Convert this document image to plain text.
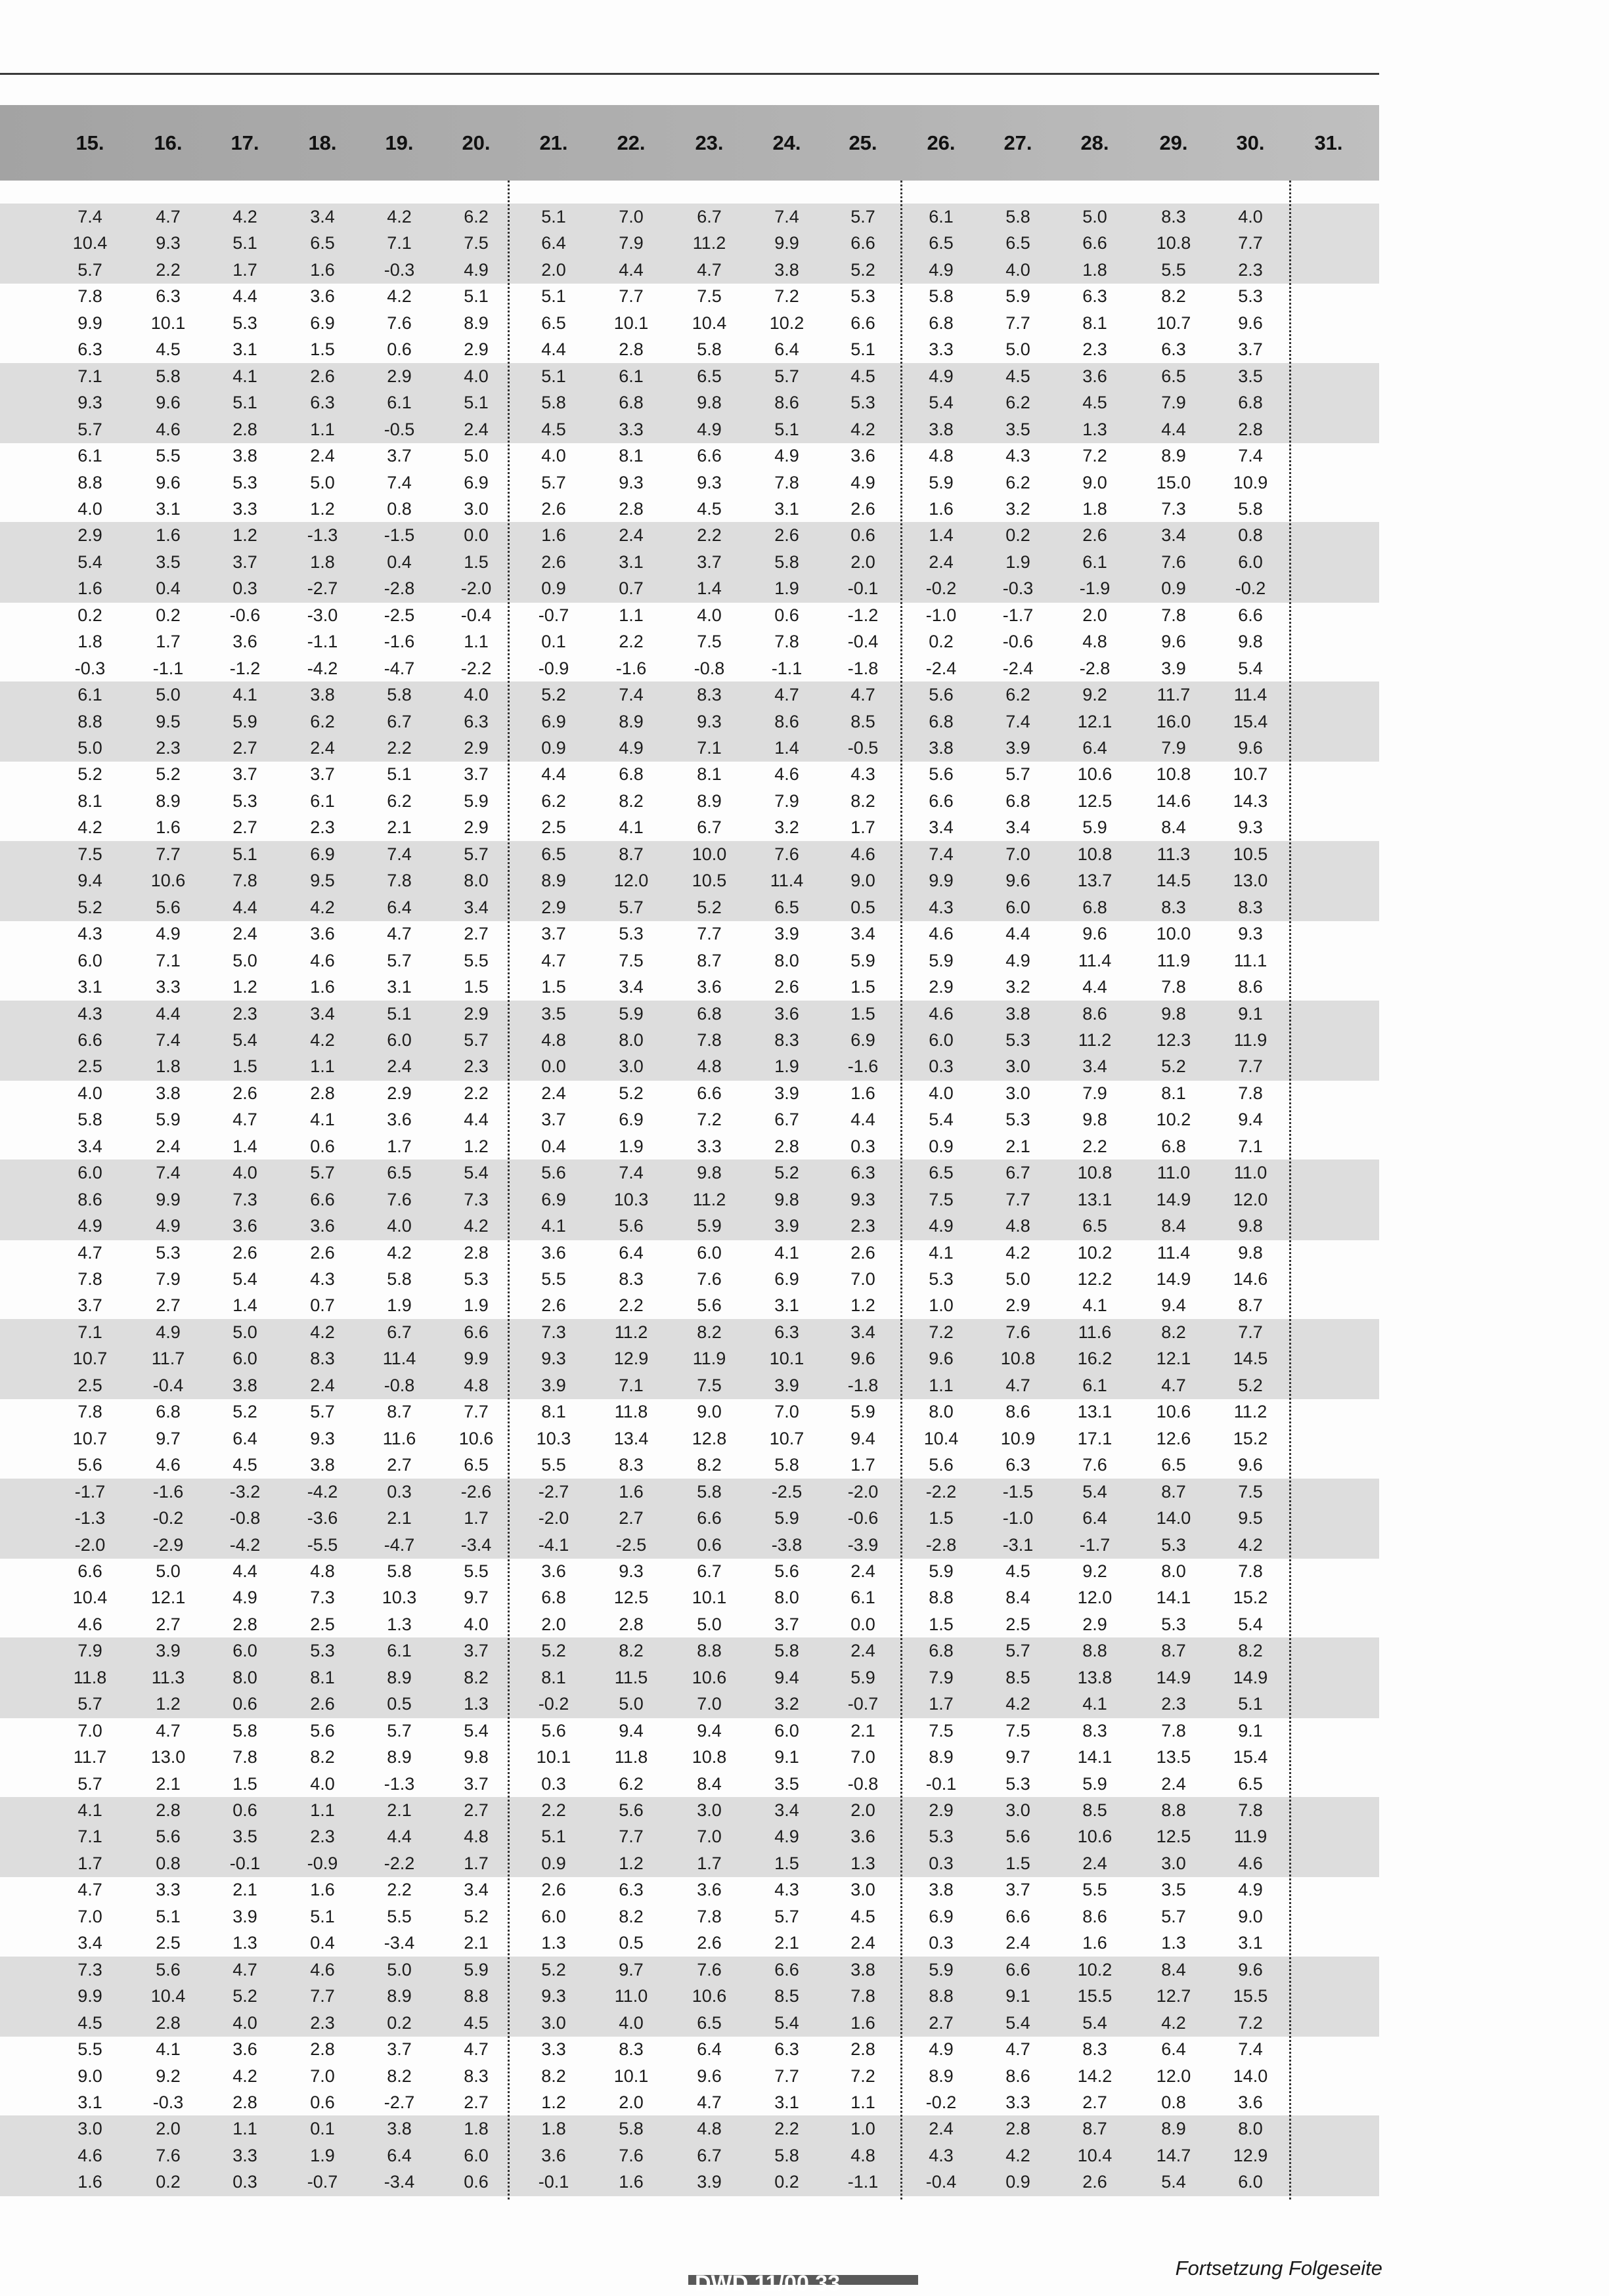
15. 16. 17. 18. 19. 20. 21. 22. 23. 24. 25. 26. 27. 28. 29. 30. 31.
7.4	4.7	4.2	3.4	4.2	6.2	5.1	7.0	6.7	7.4	5.7	6.1	5.8	5.0	8.3	4.0
10.4	9.3	5.1	6.5	7.1	7.5	6.4	7.9	11.2	9.9	6.6	6.5	6.5	6.6	10.8	7.7
5.7	2.2	1.7	1.6	-0.3	4.9	2.0	4.4	4.7	3.8	5.2	4.9	4.0	1.8	5.5	2.3
7.8	6.3	4.4	3.6	4.2	5.1	5.1	7.7	7.5	7.2	5.3	5.8	5.9	6.3	8.2	5.3
9.9	10.1	5.3	6.9	7.6	8.9	6.5	10.1 10.4 10.2	6.6	6.8	7.7	8.1	10.7	9.6
6.3	4.5	3.1	1.5	0.6	2.9	4.4	2.8	5.8	6.4	5.1	3.3	5.0	2.3	6.3	3.7
7.1	5.8	4.1	2.6	2.9	4.0	5.1	6.1	6.5	5.7	4.5	4.9	4.5	3.6	6.5	3.5
9.3	9.6	5.1	6.3	6.1	5.1	5.8	6.8	9.8	8.6	5.3	5.4	6.2	4.5	7.9	6.8
5.7	4.6	2.8	1.1	-0.5	2.4	4.5	3.3	4.9	5.1	4.2	3.8	3.5	1.3	4.4	2.8
6.1	5.5	3.8	2.4	3.7	5.0	4.0	8.1	6.6	4.9	3.6	4.8	4.3	7.2	8.9	7.4
8.8	9.6	5.3	5.0	7.4	6.9	5.7	9.3	9.3	7.8	4.9	5.9	6.2	9.0	15.0 10.9
4.0	3.1	3.3	1.2	0.8	3.0	2.6	2.8	4.5	3.1	2.6	1.6	3.2	1.8	7.3	5.8
2.9	1.6	1.2	-1.3	-1.5	0.0	1.6	2.4	2.2	2.6	0.6	1.4	0.2	2.6	3.4	0.8
5.4	3.5	3.7	1.8	0.4	1.5	2.6	3.1	3.7	5.8	2.0	2.4	1.9	6.1	7.6	6.0
1.6	0.4	0.3	-2.7	-2.8	-2.0	0.9	0.7	1.4	1.9	-0.1	-0.2	-0.3	-1.9	0.9	-0.2
0.2	0.2	-0.6	-3.0	-2.5	-0.4	-0.7	1.1	4.0	0.6	-1.2	-1.0	-1.7	2.0	7.8	6.6
1.8	1.7	3.6	-1.1	-1.6	1.1	0.1	2.2	7.5	7.8	-0.4	0.2	-0.6	4.8	9.6	9.8
-0.3	-1.1	-1.2	-4.2	-4.7	-2.2	-0.9	-1.6	-0.8	-1.1	-1.8	-2.4	-2.4	-2.8	3.9	5.4
6.1	5.0	4.1	3.8	5.8	4.0	5.2	7.4	8.3	4.7	4.7	5.6	6.2	9.2	11.7 11.4
8.8	9.5	5.9	6.2	6.7	6.3	6.9	8.9	9.3	8.6	8.5	6.8	7.4	12.1 16.0 15.4
5.0	2.3	2.7	2.4	2.2	2.9	0.9	4.9	7.1	1.4	-0.5	3.8	3.9	6.4	7.9	9.6
5.2	5.2	3.7	3.7	5.1	3.7	4.4	6.8	8.1	4.6	4.3	5.6	5.7	10.6 10.8 10.7
8.1	8.9	5.3	6.1	6.2	5.9	6.2	8.2	8.9	7.9	8.2	6.6	6.8	12.5 14.6 14.3
4.2	1.6	2.7	2.3	2.1	2.9	2.5	4.1	6.7	3.2	1.7	3.4	3.4	5.9	8.4	9.3
7.5	7.7	5.1	6.9	7.4	5.7	6.5	8.7	10.0	7.6	4.6	7.4	7.0	10.8	11.3 10.5
9.4	10.6	7.8	9.5	7.8	8.0	8.9	12.0 10.5 11.4	9.0	9.9	9.6	13.7 14.5 13.0
5.2	5.6	4.4	4.2	6.4	3.4	2.9	5.7	5.2	6.5	0.5	4.3	6.0	6.8	8.3	8.3
4.3	4.9	2.4	3.6	4.7	2.7	3.7	5.3	7.7	3.9	3.4	4.6	4.4	9.6	10.0	9.3
6.0	7.1	5.0	4.6	5.7	5.5	4.7	7.5	8.7	8.0	5.9	5.9	4.9	11.4	11.9 11.1
3.1	3.3	1.2	1.6	3.1	1.5	1.5	3.4	3.6	2.6	1.5	2.9	3.2	4.4	7.8	8.6
4.3	4.4	2.3	3.4	5.1	2.9	3.5	5.9	6.8	3.6	1.5	4.6	3.8	8.6	9.8	9.1
6.6	7.4	5.4	4.2	6.0	5.7	4.8	8.0	7.8	8.3	6.9	6.0	5.3	11.2	12.3 11.9
2.5	1.8	1.5	1.1	2.4	2.3	0.0	3.0	4.8	1.9	-1.6	0.3	3.0	3.4	5.2	7.7
4.0	3.8	2.6	2.8	2.9	2.2	2.4	5.2	6.6	3.9	1.6	4.0	3.0	7.9	8.1	7.8
5.8	5.9	4.7	4.1	3.6	4.4	3.7	6.9	7.2	6.7	4.4	5.4	5.3	9.8	10.2	9.4
3.4	2.4	1.4	0.6	1.7	1.2	0.4	1.9	3.3	2.8	0.3	0.9	2.1	2.2	6.8	7.1
6.0	7.4	4.0	5.7	6.5	5.4	5.6	7.4	9.8	5.2	6.3	6.5	6.7	10.8	11.0 11.0
8.6	9.9	7.3	6.6	7.6	7.3	6.9	10.3 11.2	9.8	9.3	7.5	7.7	13.1 14.9 12.0
4.9	4.9	3.6	3.6	4.0	4.2	4.1	5.6	5.9	3.9	2.3	4.9	4.8	6.5	8.4	9.8
4.7	5.3	2.6	2.6	4.2	2.8	3.6	6.4	6.0	4.1	2.6	4.1	4.2	10.2	11.4	9.8
7.8	7.9	5.4	4.3	5.8	5.3	5.5	8.3	7.6	6.9	7.0	5.3	5.0	12.2 14.9 14.6
3.7	2.7	1.4	0.7	1.9	1.9	2.6	2.2	5.6	3.1	1.2	1.0	2.9	4.1	9.4	8.7
7.1	4.9	5.0	4.2	6.7	6.6	7.3	11.2	8.2	6.3	3.4	7.2	7.6	11.6	8.2	7.7
10.7 11.7	6.0	8.3	11.4	9.9	9.3	12.9 11.9 10.1	9.6	9.6	10.8 16.2 12.1 14.5
2.5	-0.4	3.8	2.4	-0.8	4.8	3.9	7.1	7.5	3.9	-1.8	1.1	4.7	6.1	4.7	5.2
7.8	6.8	5.2	5.7	8.7	7.7	8.1	11.8	9.0	7.0	5.9	8.0	8.6	13.1 10.6 11.2
10.7	9.7	6.4	9.3	11.6 10.6 10.3 13.4 12.8 10.7	9.4	10.4 10.9 17.1 12.6 15.2
5.6	4.6	4.5	3.8	2.7	6.5	5.5	8.3	8.2	5.8	1.7	5.6	6.3	7.6	6.5	9.6
-1.7	-1.6	-3.2	-4.2	0.3	-2.6	-2.7	1.6	5.8	-2.5	-2.0	-2.2	-1.5	5.4	8.7	7.5
-1.3	-0.2	-0.8	-3.6	2.1	1.7	-2.0	2.7	6.6	5.9	-0.6	1.5	-1.0	6.4	14.0	9.5
-2.0	-2.9	-4.2	-5.5	-4.7	-3.4	-4.1	-2.5	0.6	-3.8	-3.9	-2.8	-3.1	-1.7	5.3	4.2
6.6	5.0	4.4	4.8	5.8	5.5	3.6	9.3	6.7	5.6	2.4	5.9	4.5	9.2	8.0	7.8
10.4 12.1	4.9	7.3	10.3	9.7	6.8	12.5 10.1	8.0	6.1	8.8	8.4	12.0 14.1 15.2
4.6	2.7	2.8	2.5	1.3	4.0	2.0	2.8	5.0	3.7	0.0	1.5	2.5	2.9	5.3	5.4
7.9	3.9	6.0	5.3	6.1	3.7	5.2	8.2	8.8	5.8	2.4	6.8	5.7	8.8	8.7	8.2
11.8	11.3	8.0	8.1	8.9	8.2	8.1	11.5 10.6	9.4	5.9	7.9	8.5	13.8 14.9 14.9
5.7	1.2	0.6	2.6	0.5	1.3	-0.2	5.0	7.0	3.2	-0.7	1.7	4.2	4.1	2.3	5.1
7.0	4.7	5.8	5.6	5.7	5.4	5.6	9.4	9.4	6.0	2.1	7.5	7.5	8.3	7.8	9.1
11.7 13.0	7.8	8.2	8.9	9.8	10.1 11.8 10.8	9.1	7.0	8.9	9.7	14.1 13.5 15.4
5.7	2.1	1.5	4.0	-1.3	3.7	0.3	6.2	8.4	3.5	-0.8	-0.1	5.3	5.9	2.4	6.5
4.1	2.8	0.6	1.1	2.1	2.7	2.2	5.6	3.0	3.4	2.0	2.9	3.0	8.5	8.8	7.8
7.1	5.6	3.5	2.3	4.4	4.8	5.1	7.7	7.0	4.9	3.6	5.3	5.6	10.6 12.5 11.9
1.7	0.8	-0.1	-0.9	-2.2	1.7	0.9	1.2	1.7	1.5	1.3	0.3	1.5	2.4	3.0	4.6
4.7	3.3	2.1	1.6	2.2	3.4	2.6	6.3	3.6	4.3	3.0	3.8	3.7	5.5	3.5	4.9
7.0	5.1	3.9	5.1	5.5	5.2	6.0	8.2	7.8	5.7	4.5	6.9	6.6	8.6	5.7	9.0
3.4	2.5	1.3	0.4	-3.4	2.1	1.3	0.5	2.6	2.1	2.4	0.3	2.4	1.6	1.3	3.1
7.3	5.6	4.7	4.6	5.0	5.9	5.2	9.7	7.6	6.6	3.8	5.9	6.6	10.2	8.4	9.6
9.9	10.4	5.2	7.7	8.9	8.8	9.3	11.0 10.6	8.5	7.8	8.8	9.1	15.5 12.7 15.5
4.5	2.8	4.0	2.3	0.2	4.5	3.0	4.0	6.5	5.4	1.6	2.7	5.4	5.4	4.2	7.2
5.5	4.1	3.6	2.8	3.7	4.7	3.3	8.3	6.4	6.3	2.8	4.9	4.7	8.3	6.4	7.4
9.0	9.2	4.2	7.0	8.2	8.3	8.2	10.1	9.6	7.7	7.2	8.9	8.6	14.2 12.0 14.0
3.1	-0.3	2.8	0.6	-2.7	2.7	1.2	2.0	4.7	3.1	1.1	-0.2	3.3	2.7	0.8	3.6
3.0	2.0	1.1	0.1	3.8	1.8	1.8	5.8	4.8	2.2	1.0	2.4	2.8	8.7	8.9	8.0
4.6	7.6	3.3	1.9	6.4	6.0	3.6	7.6	6.7	5.8	4.8	4.3	4.2	10.4 14.7 12.9
1.6	0.2	0.3	-0.7	-3.4	0.6	-0.1	1.6	3.9	0.2	-1.1	-0.4	0.9	2.6	5.4	6.0
Fortsetzung Folgeseite
DWD 11/00 33
